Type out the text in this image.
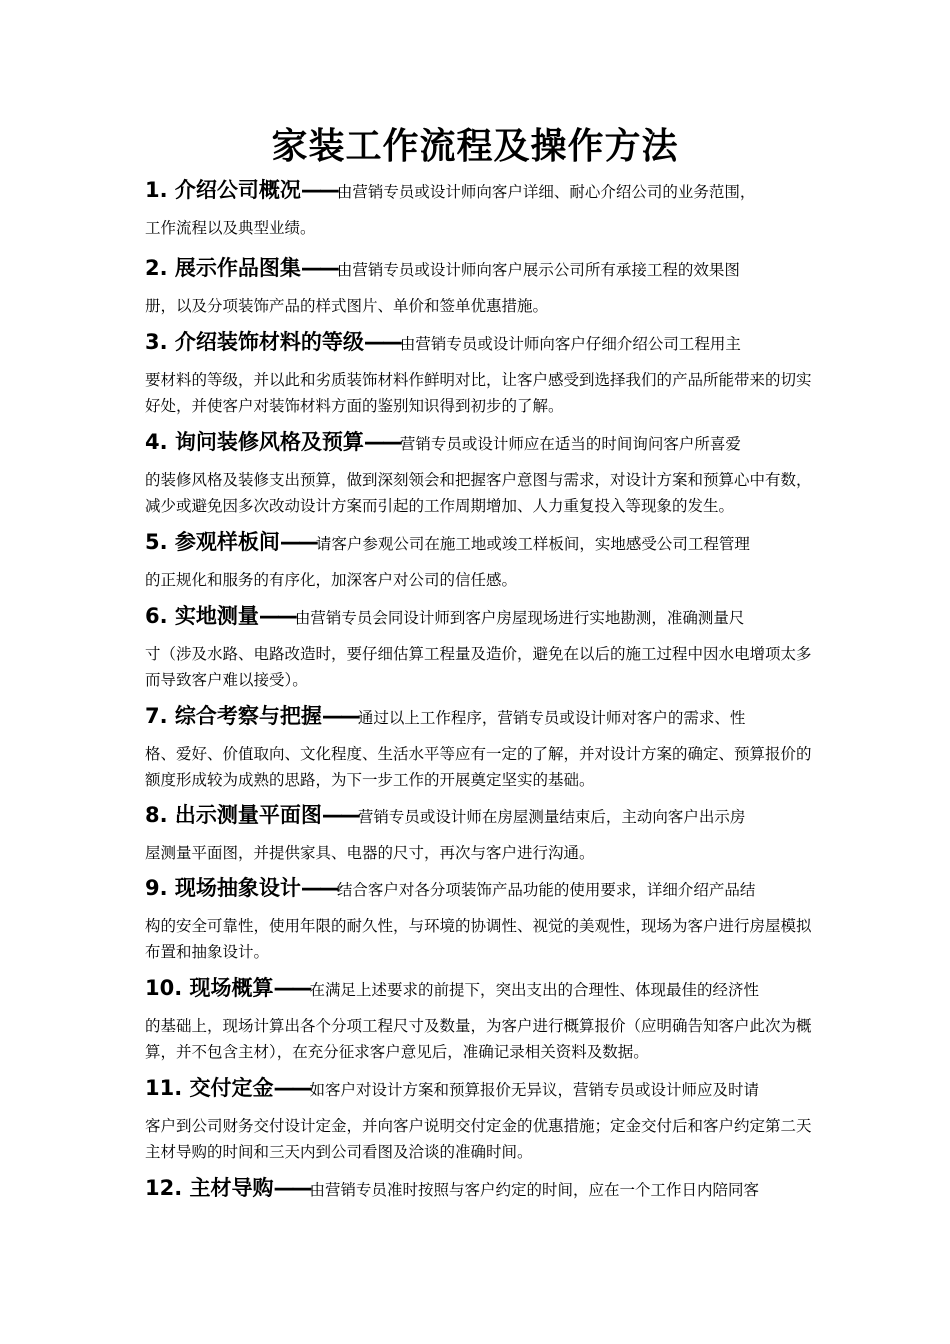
家装工作流程及操作方法
1. 介绍公司概况——由营销专员或设计师向客户详细、耐心介绍公司的业务范围，
工作流程以及典型业绩。
2. 展示作品图集——由营销专员或设计师向客户展示公司所有承接工程的效果图
册，以及分项装饰产品的样式图片、单价和签单优惠措施。
3. 介绍装饰材料的等级——由营销专员或设计师向客户仔细介绍公司工程用主
要材料的等级，并以此和劣质装饰材料作鲜明对比，让客户感受到选择我们的产品所能带来的切实好处，并使客户对装饰材料方面的鉴别知识得到初步的了解。
4. 询问装修风格及预算——营销专员或设计师应在适当的时间询问客户所喜爱
的装修风格及装修支出预算，做到深刻领会和把握客户意图与需求，对设计方案和预算心中有数，减少或避免因多次改动设计方案而引起的工作周期增加、人力重复投入等现象的发生。
5. 参观样板间——请客户参观公司在施工地或竣工样板间，实地感受公司工程管理
的正规化和服务的有序化，加深客户对公司的信任感。
6. 实地测量——由营销专员会同设计师到客户房屋现场进行实地勘测，准确测量尺
寸（涉及水路、电路改造时，要仔细估算工程量及造价，避免在以后的施工过程中因水电增项太多而导致客户难以接受）。
7. 综合考察与把握——通过以上工作程序，营销专员或设计师对客户的需求、性
格、爱好、价值取向、文化程度、生活水平等应有一定的了解，并对设计方案的确定、预算报价的额度形成较为成熟的思路，为下一步工作的开展奠定坚实的基础。
8. 出示测量平面图——营销专员或设计师在房屋测量结束后，主动向客户出示房
屋测量平面图，并提供家具、电器的尺寸，再次与客户进行沟通。
9. 现场抽象设计——结合客户对各分项装饰产品功能的使用要求，详细介绍产品结
构的安全可靠性，使用年限的耐久性，与环境的协调性、视觉的美观性，现场为客户进行房屋模拟布置和抽象设计。
10. 现场概算——在满足上述要求的前提下，突出支出的合理性、体现最佳的经济性
的基础上，现场计算出各个分项工程尺寸及数量，为客户进行概算报价（应明确告知客户此次为概算，并不包含主材），在充分征求客户意见后，准确记录相关资料及数据。
11. 交付定金——如客户对设计方案和预算报价无异议，营销专员或设计师应及时请
客户到公司财务交付设计定金，并向客户说明交付定金的优惠措施；定金交付后和客户约定第二天主材导购的时间和三天内到公司看图及洽谈的准确时间。
12. 主材导购——由营销专员准时按照与客户约定的时间，应在一个工作日内陪同客
